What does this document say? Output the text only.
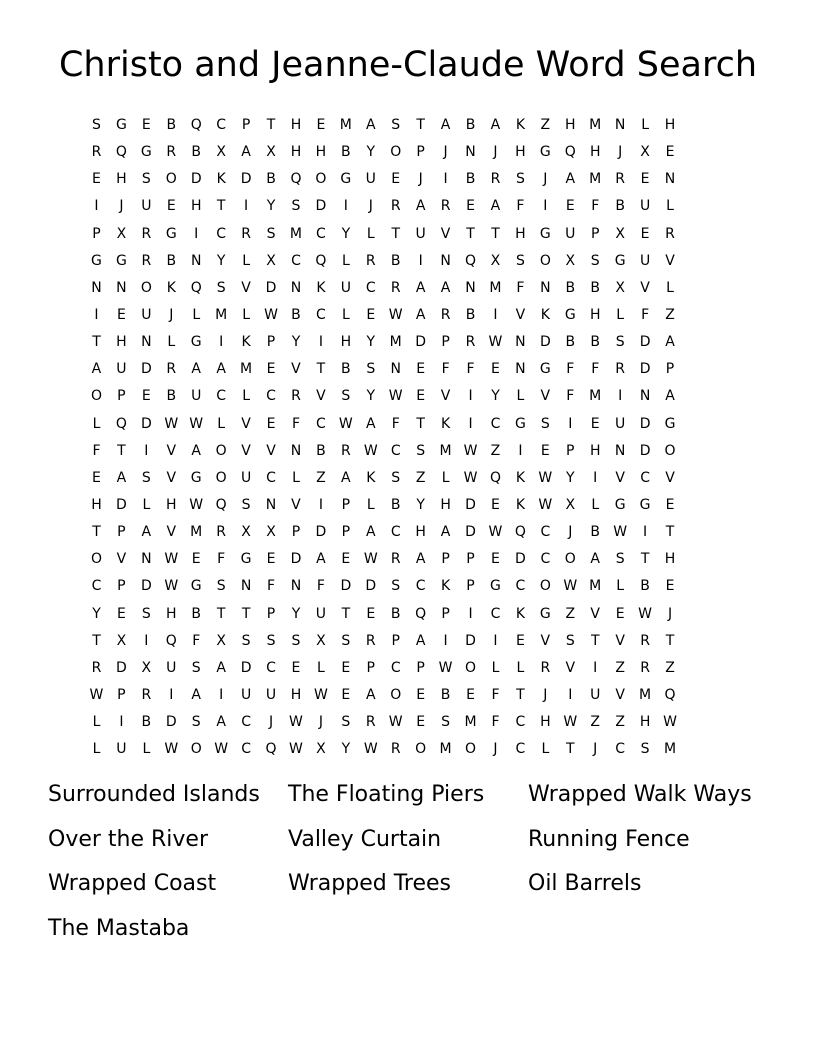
Christo and Jeanne-Claude Word Search
S	G	E	B	Q	C	P	T	H	E	M	A	S	T	A	B	A	K	Z	H M N	L	H
R	Q G	R	B	X	A	X	H	H	B	Y	O	P	J	N	J	H	G	Q	H	J	X	E
E	H	S	O	D	K	D	B	Q O G	U	E	J	I	B	R	S	J	A	M	R	E	N
I	J	U	E	H	T	I	Y	S	D	I	J	R	A	R	E	A	F	I	E	F	B	U	L
P	X	R	G	I	C	R	S	M	C	Y	L	T	U	V	T	T	H	G	U	P	X	E	R
G	G	R	B	N	Y	L	X	C	Q	L	R	B	I	N	Q	X	S	O	X	S	G	U	V
N	N	O	K	Q	S	V	D	N	K	U	C	R	A	A	N M	F	N	B	B	X	V	L
I	E	U	J	L	M	L	W B	C	L	E W A	R	B	I	V	K	G	H	L	F	Z
T	H	N	L	G	I	K	P	Y	I	H	Y	M D	P	R W N	D	B	B	S	D	A
A	U	D	R	A	A	M	E	V	T	B	S	N	E	F	F	E	N	G	F	F	R	D	P
O	P	E	B	U	C	L	C	R	V	S	Y W E	V	I	Y	L	V	F	M	I	N	A
L	Q	D W W	L	V	E	F	C W A	F	T	K	I	C	G	S	I	E	U	D	G
F	T	I	V	A	O	V	V	N	B	R W C	S	M W Z	I	E	P	H	N	D	O
E	A	S	V	G	O	U	C	L	Z	A	K	S	Z	L	W Q	K W Y	I	V	C	V
H	D	L	H W Q	S	N	V	I	P	L	B	Y	H	D	E	K W X	L	G	G	E
T	P	A	V	M	R	X	X	P	D	P	A	C	H	A	D W Q	C	J	B W	I	T
O	V	N W E	F	G	E	D	A	E W R	A	P	P	E	D	C	O	A	S	T	H
C	P	D W G	S	N	F	N	F	D	D	S	C	K	P	G	C	O W M	L	B	E
Y	E	S	H	B	T	T	P	Y	U	T	E	B	Q	P	I	C	K	G	Z	V	E W	J
T	X	I	Q	F	X	S	S	S	X	S	R	P	A	I	D	I	E	V	S	T	V	R	T
R	D	X	U	S	A	D	C	E	L	E	P	C	P W O	L	L	R	V	I	Z	R	Z
W P	R	I	A	I	U	U	H W E	A	O	E	B	E	F	T	J	I	U	V	M Q
L	I	B	D	S	A	C	J	W	J	S	R W E	S	M	F	C	H W Z	Z	H W
L	U	L	W O W C	Q W X	Y W R	O M O	J	C	L	T	J	C	S	M
Surrounded Islands	The Floating Piers	Wrapped Walk Ways
Over the River	Valley Curtain	Running Fence
Wrapped Coast	Wrapped Trees	Oil Barrels
The Mastaba
